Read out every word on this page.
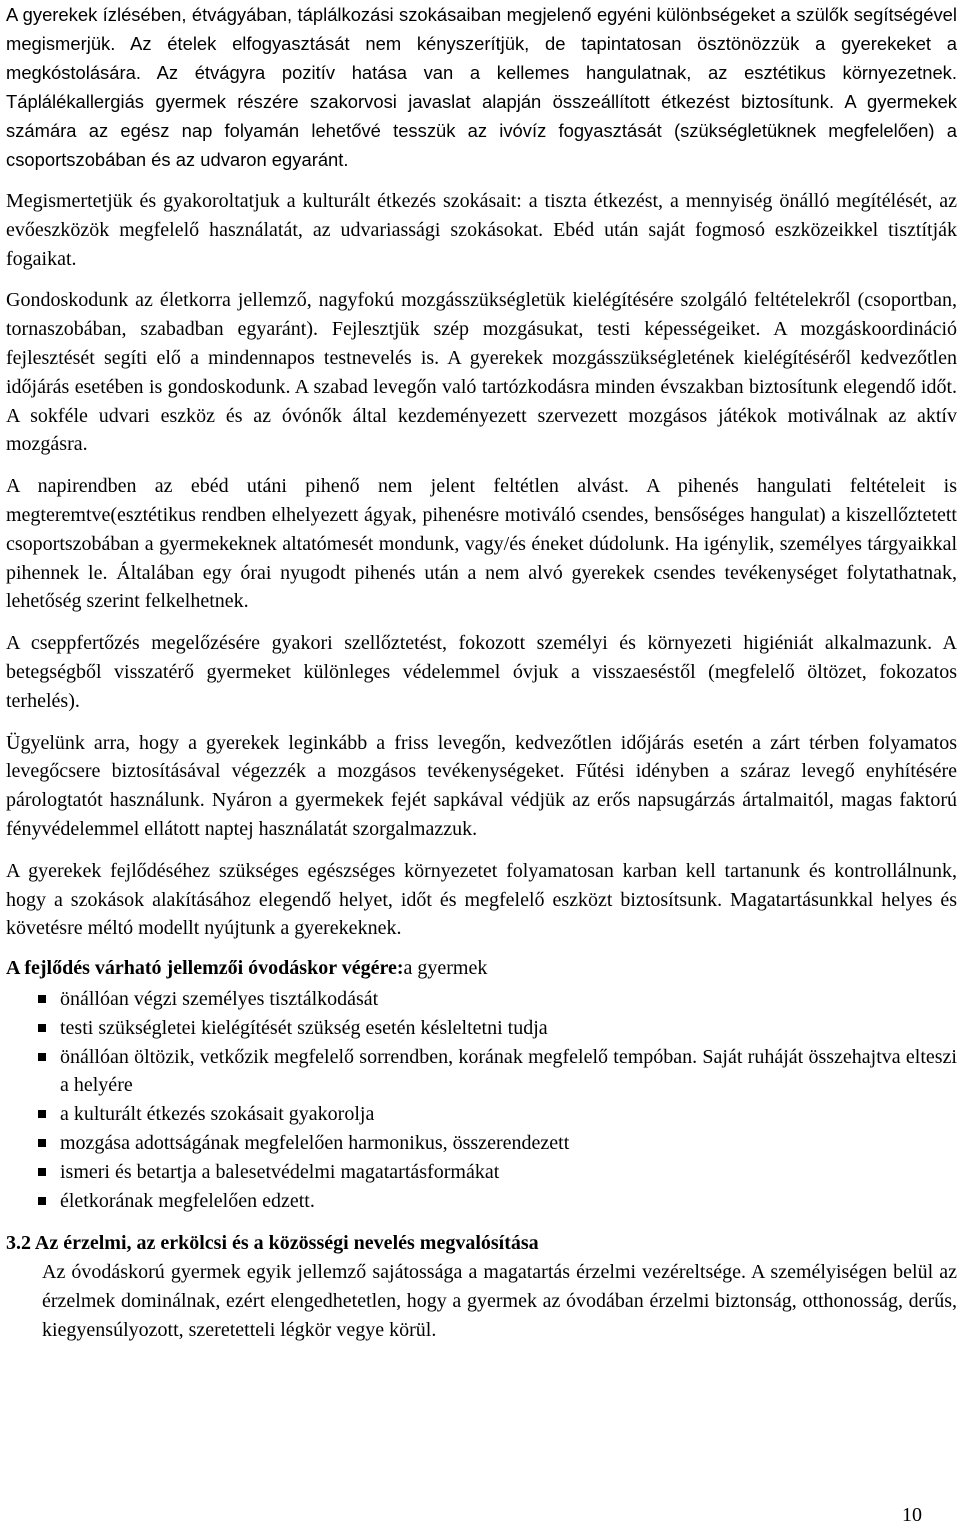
A gyerekek ízlésében, étvágyában, táplálkozási szokásaiban megjelenő egyéni különbségeket a szülők segítségével megismerjük. Az ételek elfogyasztását nem kényszerítjük, de tapintatosan ösztönözzük a gyerekeket a megkóstolására. Az étvágyra pozitív hatása van a kellemes hangulatnak, az esztétikus környezetnek. Táplálékallergiás gyermek részére szakorvosi javaslat alapján összeállított étkezést biztosítunk. A gyermekek számára az egész nap folyamán lehetővé tesszük az ivóvíz fogyasztását (szükségletüknek megfelelően) a csoportszobában és az udvaron egyaránt.

Megismertetjük és gyakoroltatjuk a kulturált étkezés szokásait: a tiszta étkezést, a mennyiség önálló megítélését, az evőeszközök megfelelő használatát, az udvariassági szokásokat. Ebéd után saját fogmosó eszközeikkel tisztítják fogaikat.

Gondoskodunk az életkorra jellemző, nagyfokú mozgásszükségletük kielégítésére szolgáló feltételekről (csoportban, tornaszobában, szabadban egyaránt). Fejlesztjük szép mozgásukat, testi képességeiket. A mozgáskoordináció fejlesztését segíti elő a mindennapos testnevelés is. A gyerekek mozgásszükségletének kielégítéséről kedvezőtlen időjárás esetében is gondoskodunk. A szabad levegőn való tartózkodásra minden évszakban biztosítunk elegendő időt. A sokféle udvari eszköz és az óvónők által kezdeményezett szervezett mozgásos játékok motiválnak az aktív mozgásra.

A napirendben az ebéd utáni pihenő nem jelent feltétlen alvást. A pihenés hangulati feltételeit is megteremtve(esztétikus rendben elhelyezett ágyak, pihenésre motiváló csendes, bensőséges hangulat) a kiszellőztetett csoportszobában a gyermekeknek altatómesét mondunk, vagy/és éneket dúdolunk. Ha igénylik, személyes tárgyaikkal pihennek le. Általában egy órai nyugodt pihenés után a nem alvó gyerekek csendes tevékenységet folytathatnak, lehetőség szerint felkelhetnek.

A cseppfertőzés megelőzésére gyakori szellőztetést, fokozott személyi és környezeti higiéniát alkalmazunk. A betegségből visszatérő gyermeket különleges védelemmel óvjuk a visszaeséstől (megfelelő öltözet, fokozatos terhelés).

Ügyelünk arra, hogy a gyerekek leginkább a friss levegőn, kedvezőtlen időjárás esetén a zárt térben folyamatos levegőcsere biztosításával végezzék a mozgásos tevékenységeket. Fűtési idényben a száraz levegő enyhítésére párologtatót használunk. Nyáron a gyermekek fejét sapkával védjük az erős napsugárzás ártalmaitól, magas faktorú fényvédelemmel ellátott naptej használatát szorgalmazzuk.

A gyerekek fejlődéséhez szükséges egészséges környezetet folyamatosan karban kell tartanunk és kontrollálnunk, hogy a szokások alakításához elegendő helyet, időt és megfelelő eszközt biztosítsunk. Magatartásunkkal helyes és követésre méltó modellt nyújtunk a gyerekeknek.

A fejlődés várható jellemzői óvodáskor végére:a gyermek

önállóan végzi személyes tisztálkodását
testi szükségletei kielégítését szükség esetén késleltetni tudja
önállóan öltözik, vetkőzik megfelelő sorrendben, korának megfelelő tempóban. Saját ruháját összehajtva elteszi a helyére
a kulturált étkezés szokásait gyakorolja
mozgása adottságának megfelelően harmonikus, összerendezett
ismeri és betartja a balesetvédelmi magatartásformákat
életkorának megfelelően edzett.
3.2 Az érzelmi, az erkölcsi és a közösségi nevelés megvalósítása

Az óvodáskorú gyermek egyik jellemző sajátossága a magatartás érzelmi vezéreltsége. A személyiségen belül az érzelmek dominálnak, ezért elengedhetetlen, hogy a gyermek az óvodában érzelmi biztonság, otthonosság, derűs, kiegyensúlyozott, szeretetteli légkör vegye körül.

10
